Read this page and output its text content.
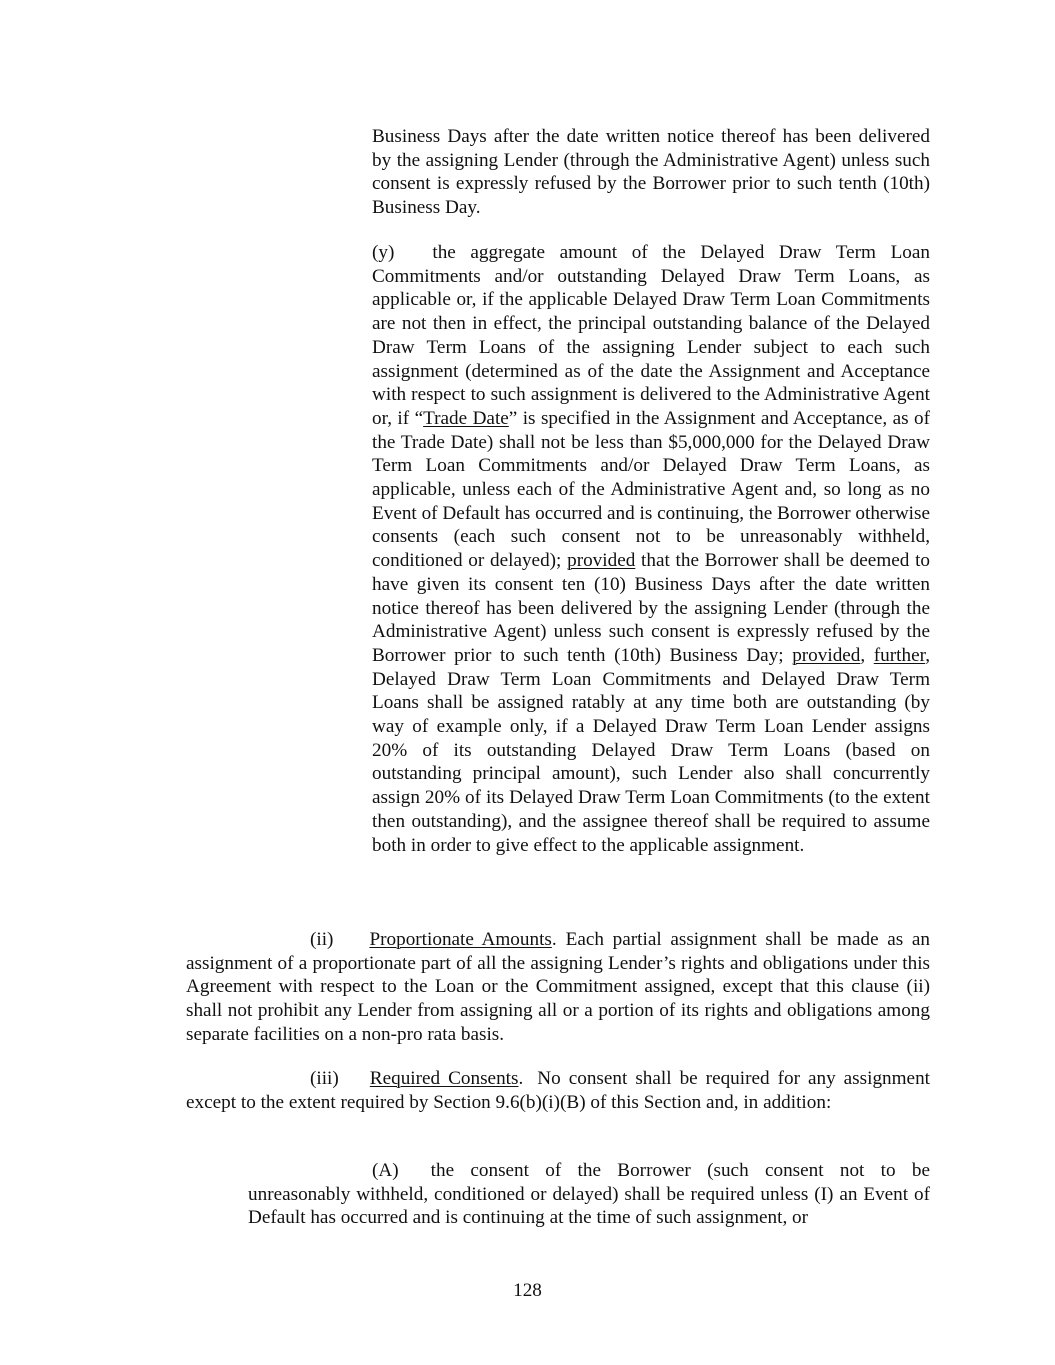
Business Days after the date written notice thereof has been delivered by the assigning Lender (through the Administrative Agent) unless such consent is expressly refused by the Borrower prior to such tenth (10th) Business Day.

(y) the aggregate amount of the Delayed Draw Term Loan Commitments and/or outstanding Delayed Draw Term Loans, as applicable or, if the applicable Delayed Draw Term Loan Commitments are not then in effect, the principal outstanding balance of the Delayed Draw Term Loans of the assigning Lender subject to each such assignment (determined as of the date the Assignment and Acceptance with respect to such assignment is delivered to the Administrative Agent or, if “Trade Date” is specified in the Assignment and Acceptance, as of the Trade Date) shall not be less than $5,000,000 for the Delayed Draw Term Loan Commitments and/or Delayed Draw Term Loans, as applicable, unless each of the Administrative Agent and, so long as no Event of Default has occurred and is continuing, the Borrower otherwise consents (each such consent not to be unreasonably withheld, conditioned or delayed); provided that the Borrower shall be deemed to have given its consent ten (10) Business Days after the date written notice thereof has been delivered by the assigning Lender (through the Administrative Agent) unless such consent is expressly refused by the Borrower prior to such tenth (10th) Business Day; provided, further, Delayed Draw Term Loan Commitments and Delayed Draw Term Loans shall be assigned ratably at any time both are outstanding (by way of example only, if a Delayed Draw Term Loan Lender assigns 20% of its outstanding Delayed Draw Term Loans (based on outstanding principal amount), such Lender also shall concurrently assign 20% of its Delayed Draw Term Loan Commitments (to the extent then outstanding), and the assignee thereof shall be required to assume both in order to give effect to the applicable assignment.

(ii) Proportionate Amounts. Each partial assignment shall be made as an assignment of a proportionate part of all the assigning Lender’s rights and obligations under this Agreement with respect to the Loan or the Commitment assigned, except that this clause (ii) shall not prohibit any Lender from assigning all or a portion of its rights and obligations among separate facilities on a non-pro rata basis.

(iii) Required Consents. No consent shall be required for any assignment except to the extent required by Section 9.6(b)(i)(B) of this Section and, in addition:

(A) the consent of the Borrower (such consent not to be unreasonably withheld, conditioned or delayed) shall be required unless (I) an Event of Default has occurred and is continuing at the time of such assignment, or

128
